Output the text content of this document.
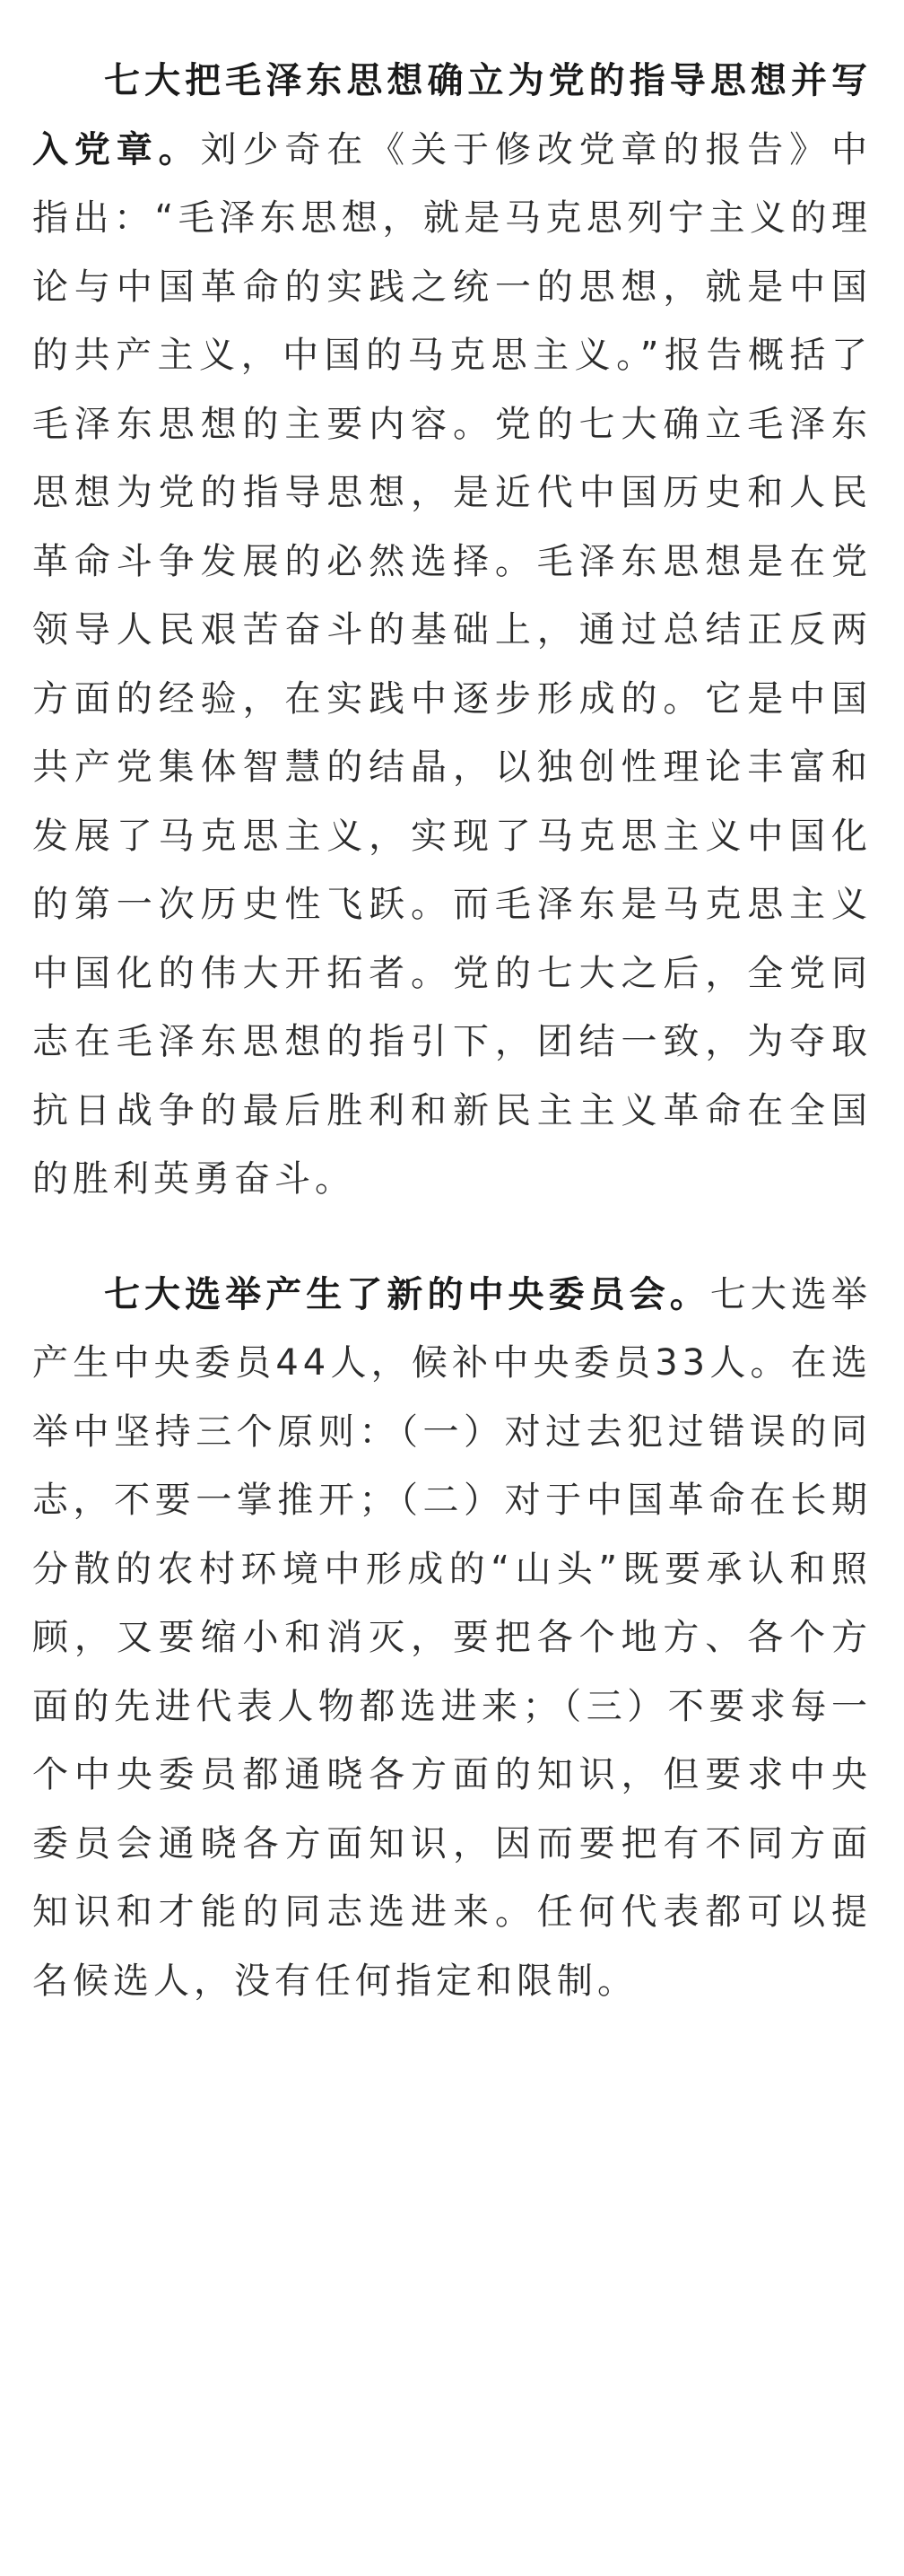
七大把毛泽东思想确立为党的指导思想并写入党章。刘少奇在《关于修改党章的报告》中指出：“毛泽东思想，就是马克思列宁主义的理论与中国革命的实践之统一的思想，就是中国的共产主义，中国的马克思主义。”报告概括了毛泽东思想的主要内容。党的七大确立毛泽东思想为党的指导思想，是近代中国历史和人民革命斗争发展的必然选择。毛泽东思想是在党领导人民艰苦奋斗的基础上，通过总结正反两方面的经验，在实践中逐步形成的。它是中国共产党集体智慧的结晶，以独创性理论丰富和发展了马克思主义，实现了马克思主义中国化的第一次历史性飞跃。而毛泽东是马克思主义中国化的伟大开拓者。党的七大之后，全党同志在毛泽东思想的指引下，团结一致，为夺取抗日战争的最后胜利和新民主主义革命在全国的胜利英勇奋斗。

七大选举产生了新的中央委员会。七大选举产生中央委员44人，候补中央委员33人。在选举中坚持三个原则：（一）对过去犯过错误的同志，不要一掌推开；（二）对于中国革命在长期分散的农村环境中形成的“山头”既要承认和照顾，又要缩小和消灭，要把各个地方、各个方面的先进代表人物都选进来；（三）不要求每一个中央委员都通晓各方面的知识，但要求中央委员会通晓各方面知识，因而要把有不同方面知识和才能的同志选进来。任何代表都可以提名候选人，没有任何指定和限制。
